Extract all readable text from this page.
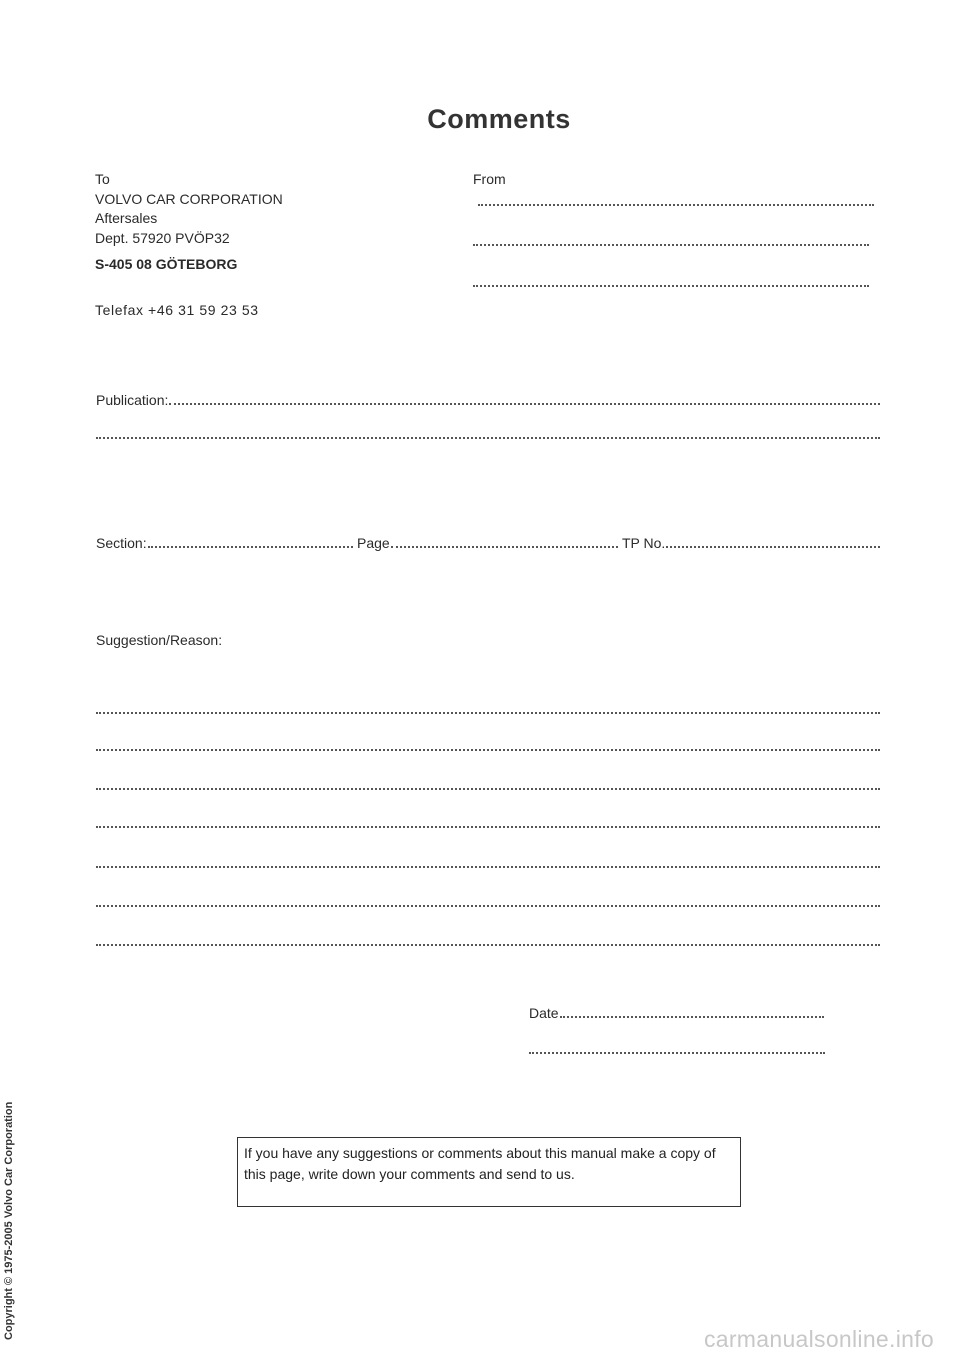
Comments
To
VOLVO CAR CORPORATION
Aftersales
Dept. 57920 PVÖP32
S-405 08 GÖTEBORG
Telefax +46 31 59 23 53
From
Publication:
Section:	Page	TP No.
Suggestion/Reason:
Date
If you have any suggestions or comments about this manual make a copy of this page, write down your comments and send to us.
Copyright © 1975-2005 Volvo Car Corporation	carmanualsonline.info
